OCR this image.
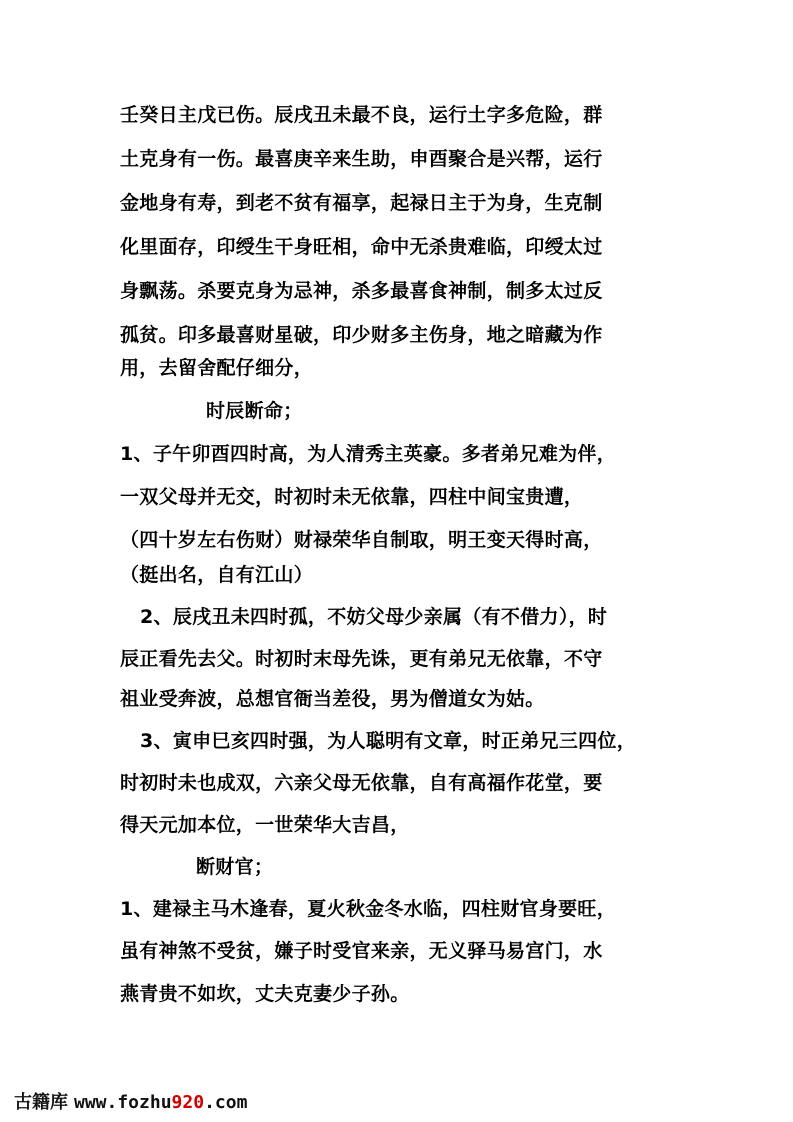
壬癸日主戊已伤。辰戌丑未最不良，运行土字多危险，群
土克身有一伤。最喜庚辛来生助，申酉聚合是兴帮，运行
金地身有寿，到老不贫有福享，起禄日主于为身，生克制
化里面存，印绶生干身旺相，命中无杀贵难临，印绶太过
身飘荡。杀要克身为忌神，杀多最喜食神制，制多太过反
孤贫。印多最喜财星破，印少财多主伤身，地之暗藏为作
用，去留舍配仔细分，
时辰断命；
1、子午卯酉四时高，为人清秀主英豪。多者弟兄难为伴，
一双父母并无交，时初时未无依靠，四柱中间宝贵遭，
（四十岁左右伤财）财禄荣华自制取，明王变天得时高，
（挺出名，自有江山）
2、辰戌丑未四时孤，不妨父母少亲属（有不借力），时
辰正看先去父。时初时末母先诛，更有弟兄无依靠，不守
祖业受奔波，总想官衙当差役，男为僧道女为姑。
3、寅申巳亥四时强，为人聪明有文章，时正弟兄三四位，
时初时未也成双，六亲父母无依靠，自有高福作花堂，要
得天元加本位，一世荣华大吉昌，
断财官；
1、建禄主马木逢春，夏火秋金冬水临，四柱财官身要旺，
虽有神煞不受贫，嫌子时受官来亲，无义驿马易宫门，水
燕青贵不如坎，丈夫克妻少子孙。
古籍库 www.fozhu920.com
